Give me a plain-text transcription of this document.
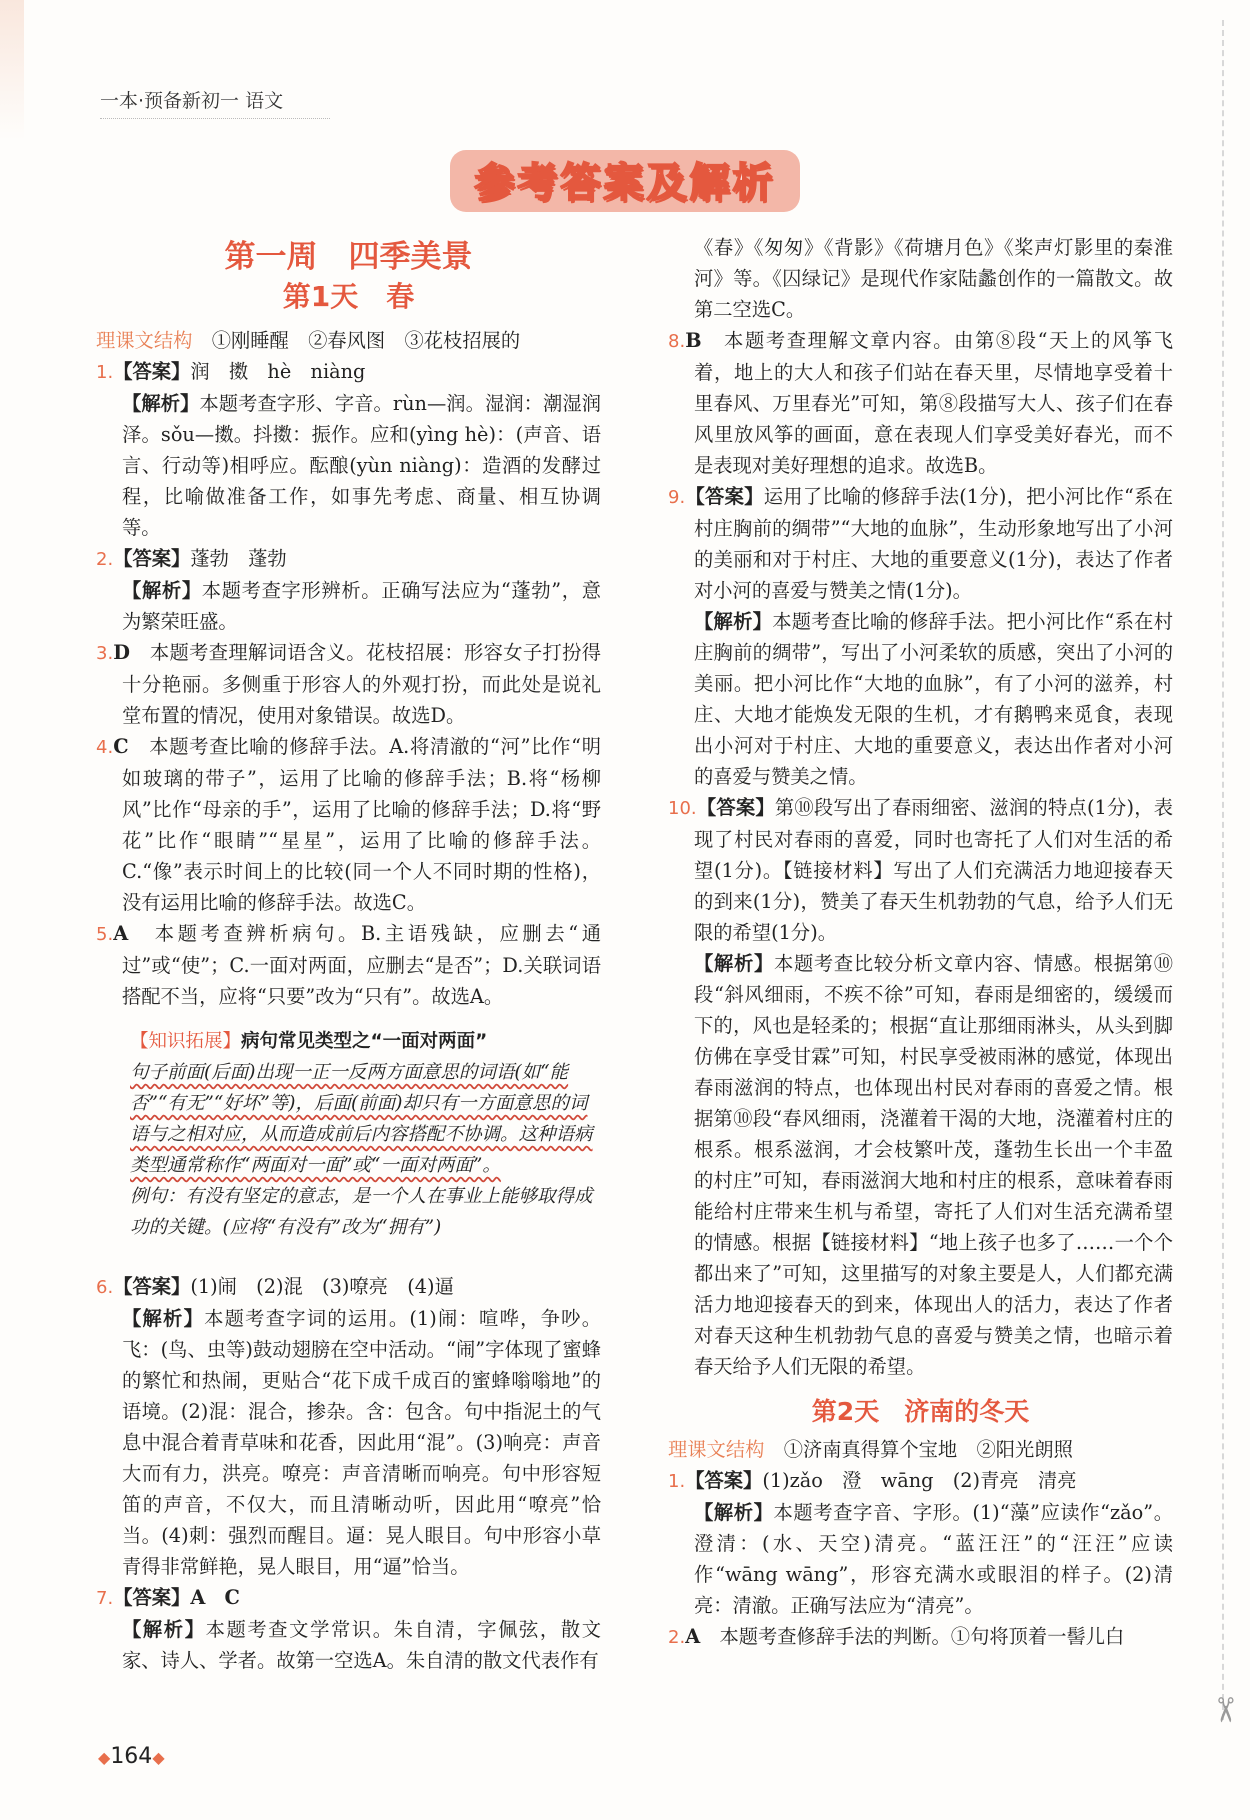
一本·预备新初一 语文
✂
参考答案及解析
第一周　四季美景
第1天　春

理课文结构　 ①刚睡醒　②春风图　③花枝招展的

1.【答案】润　擞　hè　niàng

【解析】本题考查字形、字音。rùn—润。湿润：潮湿润泽。sǒu—擞。抖擞：振作。应和(yìng hè)：(声音、语言、行动等)相呼应。酝酿(yùn niàng)：造酒的发酵过程，比喻做准备工作，如事先考虑、商量、相互协调等。

2.【答案】蓬勃　蓬勃

【解析】本题考查字形辨析。正确写法应为“蓬勃”，意为繁荣旺盛。

3.D　 本题考查理解词语含义。花枝招展：形容女子打扮得十分艳丽。多侧重于形容人的外观打扮，而此处是说礼堂布置的情况，使用对象错误。故选D。

4.C　 本题考查比喻的修辞手法。A.将清澈的“河”比作“明如玻璃的带子”，运用了比喻的修辞手法；B.将“杨柳风”比作“母亲的手”，运用了比喻的修辞手法；D.将“野花”比作“眼睛”“星星”，运用了比喻的修辞手法。C.“像”表示时间上的比较(同一个人不同时期的性格)，没有运用比喻的修辞手法。故选C。

5.A　 本题考查辨析病句。B.主语残缺，应删去“通过”或“使”；C.一面对两面，应删去“是否”；D.关联词语搭配不当，应将“只要”改为“只有”。故选A。

【知识拓展】病句常见类型之“一面对两面”
句子前面(后面)出现一正一反两方面意思的词语(如“能否”“有无”“好坏”等)，后面(前面)却只有一方面意思的词语与之相对应，从而造成前后内容搭配不协调。这种语病类型通常称作“两面对一面”或“一面对两面”。
例句：有没有坚定的意志，是一个人在事业上能够取得成功的关键。(应将“有没有”改为“拥有”)

6.【答案】(1)闹　(2)混　(3)嘹亮　(4)逼

【解析】本题考查字词的运用。(1)闹：喧哗，争吵。飞：(鸟、虫等)鼓动翅膀在空中活动。“闹”字体现了蜜蜂的繁忙和热闹，更贴合“花下成千成百的蜜蜂嗡嗡地”的语境。(2)混：混合，掺杂。含：包含。句中指泥土的气息中混合着青草味和花香，因此用“混”。(3)响亮：声音大而有力，洪亮。嘹亮：声音清晰而响亮。句中形容短笛的声音，不仅大，而且清晰动听，因此用“嘹亮”恰当。(4)刺：强烈而醒目。逼：晃人眼目。句中形容小草青得非常鲜艳，晃人眼目，用“逼”恰当。

7.【答案】A　C

【解析】本题考查文学常识。朱自清，字佩弦，散文家、诗人、学者。故第一空选A。朱自清的散文代表作有

《春》《匆匆》《背影》《荷塘月色》《桨声灯影里的秦淮河》等。《囚绿记》是现代作家陆蠡创作的一篇散文。故第二空选C。

8.B　 本题考查理解文章内容。由第⑧段“天上的风筝飞着，地上的大人和孩子们站在春天里，尽情地享受着十里春风、万里春光”可知，第⑧段描写大人、孩子们在春风里放风筝的画面，意在表现人们享受美好春光，而不是表现对美好理想的追求。故选B。

9.【答案】运用了比喻的修辞手法(1分)，把小河比作“系在村庄胸前的绸带”“大地的血脉”，生动形象地写出了小河的美丽和对于村庄、大地的重要意义(1分)，表达了作者对小河的喜爱与赞美之情(1分)。

【解析】本题考查比喻的修辞手法。把小河比作“系在村庄胸前的绸带”，写出了小河柔软的质感，突出了小河的美丽。把小河比作“大地的血脉”，有了小河的滋养，村庄、大地才能焕发无限的生机，才有鹅鸭来觅食，表现出小河对于村庄、大地的重要意义，表达出作者对小河的喜爱与赞美之情。

10.【答案】第⑩段写出了春雨细密、滋润的特点(1分)，表现了村民对春雨的喜爱，同时也寄托了人们对生活的希望(1分)。【链接材料】写出了人们充满活力地迎接春天的到来(1分)，赞美了春天生机勃勃的气息，给予人们无限的希望(1分)。

【解析】本题考查比较分析文章内容、情感。根据第⑩段“斜风细雨，不疾不徐”可知，春雨是细密的，缓缓而下的，风也是轻柔的；根据“直让那细雨淋头，从头到脚仿佛在享受甘霖”可知，村民享受被雨淋的感觉，体现出春雨滋润的特点，也体现出村民对春雨的喜爱之情。根据第⑩段“春风细雨，浇灌着干渴的大地，浇灌着村庄的根系。根系滋润，才会枝繁叶茂，蓬勃生长出一个丰盈的村庄”可知，春雨滋润大地和村庄的根系，意味着春雨能给村庄带来生机与希望，寄托了人们对生活充满希望的情感。根据【链接材料】“地上孩子也多了……一个个都出来了”可知，这里描写的对象主要是人，人们都充满活力地迎接春天的到来，体现出人的活力，表达了作者对春天这种生机勃勃气息的喜爱与赞美之情，也暗示着春天给予人们无限的希望。

第2天　济南的冬天

理课文结构　 ①济南真得算个宝地　②阳光朗照

1.【答案】(1)zǎo　澄　wāng　(2)青亮　清亮

【解析】本题考查字音、字形。(1)“藻”应读作“zǎo”。澄清：(水、天空)清亮。“蓝汪汪”的“汪汪”应读作“wāng wāng”，形容充满水或眼泪的样子。(2)清亮：清澈。正确写法应为“清亮”。

2.A　 本题考查修辞手法的判断。①句将顶着一髻儿白

◆164◆
